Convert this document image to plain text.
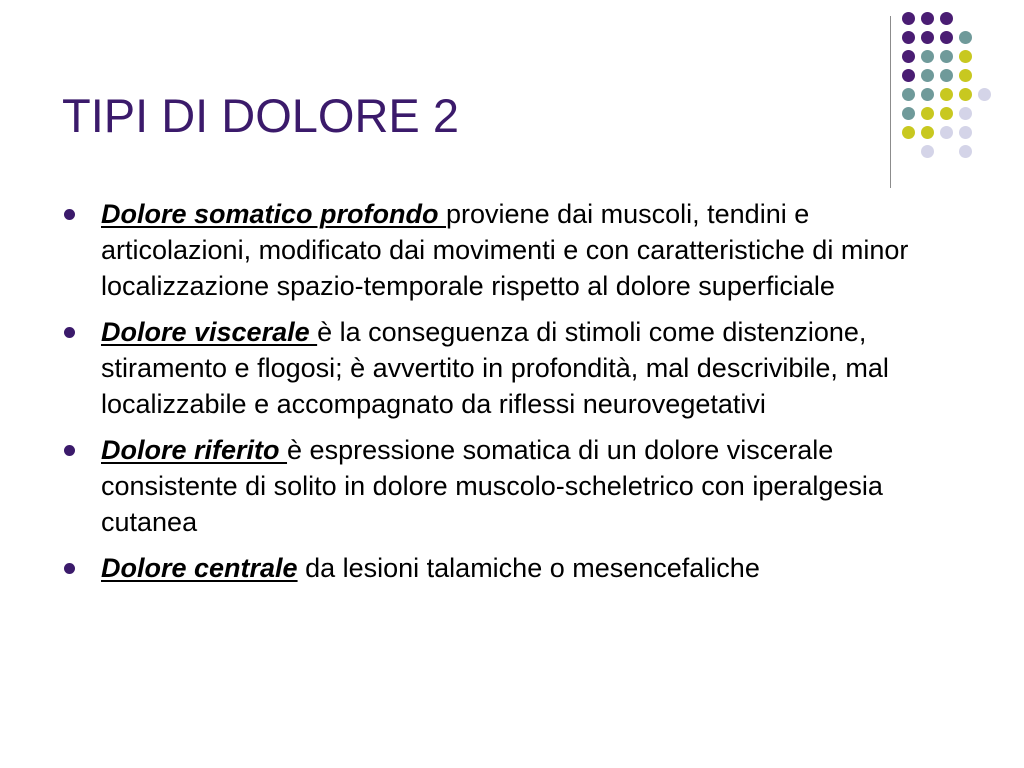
TIPI DI DOLORE 2
Dolore somatico profondo proviene dai muscoli, tendini e articolazioni, modificato dai movimenti e con caratteristiche di minor localizzazione spazio-temporale rispetto al dolore superficiale
Dolore viscerale è la conseguenza di stimoli come distenzione, stiramento e flogosi; è avvertito in profondità, mal descrivibile, mal localizzabile e accompagnato da riflessi neurovegetativi
Dolore riferito è espressione somatica di un dolore viscerale consistente di solito in dolore muscolo-scheletrico con iperalgesia cutanea
Dolore centrale da lesioni talamiche o mesencefaliche
